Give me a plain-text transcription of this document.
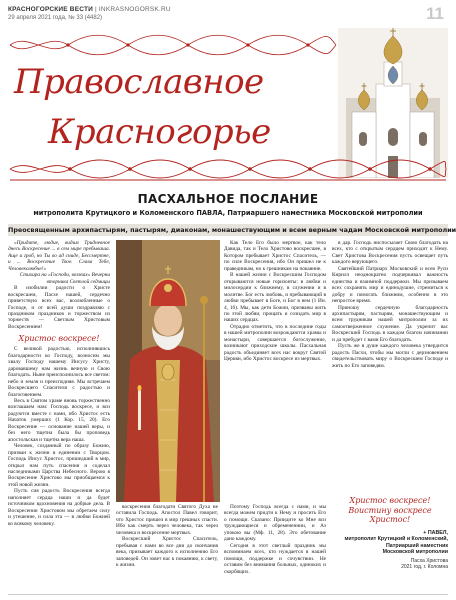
КРАСНОГОРСКИЕ ВЕСТИ | INKRASNOGORSK.RU
29 апреля 2021 года, № 33 (4482)	11
Православное
Красногорье
ПАСХАЛЬНОЕ ПОСЛАНИЕ
митрополита Крутицкого и Коломенского ПАВЛА, Патриаршего наместника Московской митрополии
Преосвященным архипастырям, пастырям, диаконам, монашествующим и всем верным чадам Московской митрополии

«Придите, людие, видим Тридневное днесь Воскресение ... в сем мире пребываша. Аще и гроб, но Ты во ад сниде, Бессмертне, и ... Воскресение Твое. Слава Тебе, Человеколюбче!»

Стихира на «Господи, воззвах» Вечерни вторника Светлой седмицы

В изобилии радости о Христе воскресшем, Пасхе нашей, сердечно приветствую всех вас, возлюбленные о Господе, и от всей души поздравляю с праздником праздников и торжеством из торжеств — Светлым Христовым Воскресением!

Христос воскресе!

С великой радостью, исполнившись благодарности ко Господу, возносим мы хвалу Господу нашему Иисусу Христу, даровавшему нам жизнь вечную и Свою благодать. Ныне преисполнилось все светом: небо и земля и преисподняя. Мы встречаем Воскресшего Спасителя с радостью и благоговением.

Весь в Святом храме вновь торжественно возглашаем нам: Господь воскресе, и вси радуются вместе с нами, ибо Христос есть Начаток умерших (1 Кор. 15, 20). Его Воскресение — основание нашей веры, и без него тщетна была бы проповедь апостольская и тщетна вера наша.

Человек, созданный по образу Божию, призван к жизни в единении с Творцом. Господь Иисус Христос, пришедший в мир, открыл нам путь спасения и соделал наследниками Царства Небесного. Верою в Воскресение Христово мы приобщаемся к этой новой жизни.

Пусть сия радость Воскресения всегда наполняет сердца наши и да будет источником вдохновения на добрые дела. В Воскресении Христовом мы обретаем силу и утешение, и сила эта — в любви Божией ко всякому человеку.

Как Тело Его было мертвое, как тело Давида, так и Тело Христово воскресшее, в Котором пребывает Христос Спаситель, — по силе Воскресения, ибо Он пришел не к праведникам, но к грешникам на покаяние.

В нашей жизни с Воскресшим Господом открываются новые горизонты: в любви и милосердии к ближнему, в служении и в молитве. Бог есть любовь, и пребывающий в любви пребывает в Боге, и Бог в нем (1 Ин. 4, 16). Мы, как дети Божии, призваны жить по этой любви, прощать и созидать мир в наших сердцах.

Отрадно отметить, что в последние годы в нашей митрополии возрождаются храмы и монастыри, совершается богослужение, возникают приходские школы. Пасхальная радость объединяет всех нас вокруг Святой Церкви, ибо Христос воскресе из мертвых.

воскресения благодати Святого Духа не оставила Господь. Апостол Павел говорит, что Христос пришел в мир грешных спасти. Ибо как смерть через человека, так через человека и воскресение мертвых.

Воскресший Христос Спаситель, пребывая с нами во все дни до скончания века, призывает каждого к исполнению Его заповедей. Он зовет нас к покаянию, к свету, к жизни.

Поэтому Господь всегда с нами, и мы всегда можем придти к Нему и просить Его о помощи. Сказано: Приидите ко Мне вси труждающиеся и обремененнии, и Аз упокою вы (Мф. 11, 28). Это обетование дано каждому.

Сегодня в этот светлый праздник мы вспоминаем всех, кто нуждается в нашей помощи, поддержке и сочувствии. Не оставим без внимания больных, одиноких и скорбящих.

в дар. Господь ниспосылает Свою благодать на всех, кто с открытым сердцем приходит к Нему. Свет Христова Воскресения пусть освещает путь каждого верующего.

Святейший Патриарх Московский и всея Руси Кирилл неоднократно подчеркивал важность единства и взаимной поддержки. Мы призываем всех сохранять мир и единодушие, стремиться к добру и помогать ближним, особенно в это непростое время.

Приношу сердечную благодарность архипастырям, пастырям, монашествующим и всем трудникам нашей митрополии за их самоотверженное служение. Да укрепит вас Воскресший Господь в каждом благом начинании и да пребудет с вами Его благодать.

Пусть же в душе каждого человека утвердится радость Пасхи, чтобы мы могли с дерзновением свидетельствовать миру о Воскресшем Господе и жить по Его заповедям.

Христос воскресе!
Воистину воскресе
Христос!
+ ПАВЕЛ,
митрополит Крутицкий и Коломенский,
Патриарший наместник
Московской митрополии
Пасха Христова
2021 год, г. Коломна
